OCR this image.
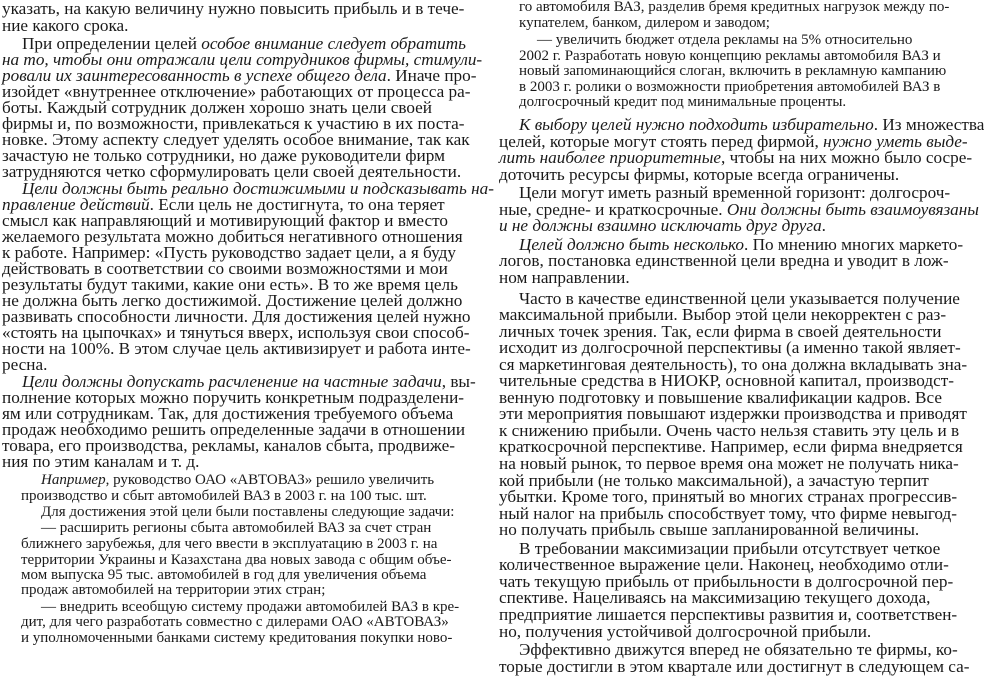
указать, на какую величину нужно повысить прибыль и в тече-
ние какого срока.
При определении целей особое внимание следует обратить
на то, чтобы они отражали цели сотрудников фирмы, стимули-
ровали их заинтересованность в успехе общего дела. Иначе про-
изойдет «внутреннее отключение» работающих от процесса ра-
боты. Каждый сотрудник должен хорошо знать цели своей
фирмы и, по возможности, привлекаться к участию в их поста-
новке. Этому аспекту следует уделять особое внимание, так как
зачастую не только сотрудники, но даже руководители фирм
затрудняются четко сформулировать цели своей деятельности.
Цели должны быть реально достижимыми и подсказывать на-
правление действий. Если цель не достигнута, то она теряет
смысл как направляющий и мотивирующий фактор и вместо
желаемого результата можно добиться негативного отношения
к работе. Например: «Пусть руководство задает цели, а я буду
действовать в соответствии со своими возможностями и мои
результаты будут такими, какие они есть». В то же время цель
не должна быть легко достижимой. Достижение целей должно
развивать способности личности. Для достижения целей нужно
«стоять на цыпочках» и тянуться вверх, используя свои способ-
ности на 100%. В этом случае цель активизирует и работа инте-
ресна.
Цели должны допускать расчленение на частные задачи, вы-
полнение которых можно поручить конкретным подразделени-
ям или сотрудникам. Так, для достижения требуемого объема
продаж необходимо решить определенные задачи в отношении
товара, его производства, рекламы, каналов сбыта, продвиже-
ния по этим каналам и т. д.
Например, руководство ОАО «АВТОВАЗ» решило увеличить
производство и сбыт автомобилей ВАЗ в 2003 г. на 100 тыс. шт.
Для достижения этой цели были поставлены следующие задачи:
— расширить регионы сбыта автомобилей ВАЗ за счет стран
ближнего зарубежья, для чего ввести в эксплуатацию в 2003 г. на
территории Украины и Казахстана два новых завода с общим объе-
мом выпуска 95 тыс. автомобилей в год для увеличения объема
продаж автомобилей на территории этих стран;
— внедрить всеобщую систему продажи автомобилей ВАЗ в кре-
дит, для чего разработать совместно с дилерами ОАО «АВТОВАЗ»
и уполномоченными банками систему кредитования покупки ново-
го автомобиля ВАЗ, разделив бремя кредитных нагрузок между по-
купателем, банком, дилером и заводом;
— увеличить бюджет отдела рекламы на 5% относительно
2002 г. Разработать новую концепцию рекламы автомобиля ВАЗ и
новый запоминающийся слоган, включить в рекламную кампанию
в 2003 г. ролики о возможности приобретения автомобилей ВАЗ в
долгосрочный кредит под минимальные проценты.
К выбору целей нужно подходить избирательно. Из множества
целей, которые могут стоять перед фирмой, нужно уметь выде-
лить наиболее приоритетные, чтобы на них можно было сосре-
доточить ресурсы фирмы, которые всегда ограничены.
Цели могут иметь разный временной горизонт: долгосроч-
ные, средне- и краткосрочные. Они должны быть взаимоувязаны
и не должны взаимно исключать друг друга.
Целей должно быть несколько. По мнению многих маркето-
логов, постановка единственной цели вредна и уводит в лож-
ном направлении.
Часто в качестве единственной цели указывается получение
максимальной прибыли. Выбор этой цели некорректен с раз-
личных точек зрения. Так, если фирма в своей деятельности
исходит из долгосрочной перспективы (а именно такой являет-
ся маркетинговая деятельность), то она должна вкладывать зна-
чительные средства в НИОКР, основной капитал, производст-
венную подготовку и повышение квалификации кадров. Все
эти мероприятия повышают издержки производства и приводят
к снижению прибыли. Очень часто нельзя ставить эту цель и в
краткосрочной перспективе. Например, если фирма внедряется
на новый рынок, то первое время она может не получать ника-
кой прибыли (не только максимальной), а зачастую терпит
убытки. Кроме того, принятый во многих странах прогрессив-
ный налог на прибыль способствует тому, что фирме невыгод-
но получать прибыль свыше запланированной величины.
В требовании максимизации прибыли отсутствует четкое
количественное выражение цели. Наконец, необходимо отли-
чать текущую прибыль от прибыльности в долгосрочной пер-
спективе. Нацеливаясь на максимизацию текущего дохода,
предприятие лишается перспективы развития и, соответствен-
но, получения устойчивой долгосрочной прибыли.
Эффективно движутся вперед не обязательно те фирмы, ко-
торые достигли в этом квартале или достигнут в следующем са-
